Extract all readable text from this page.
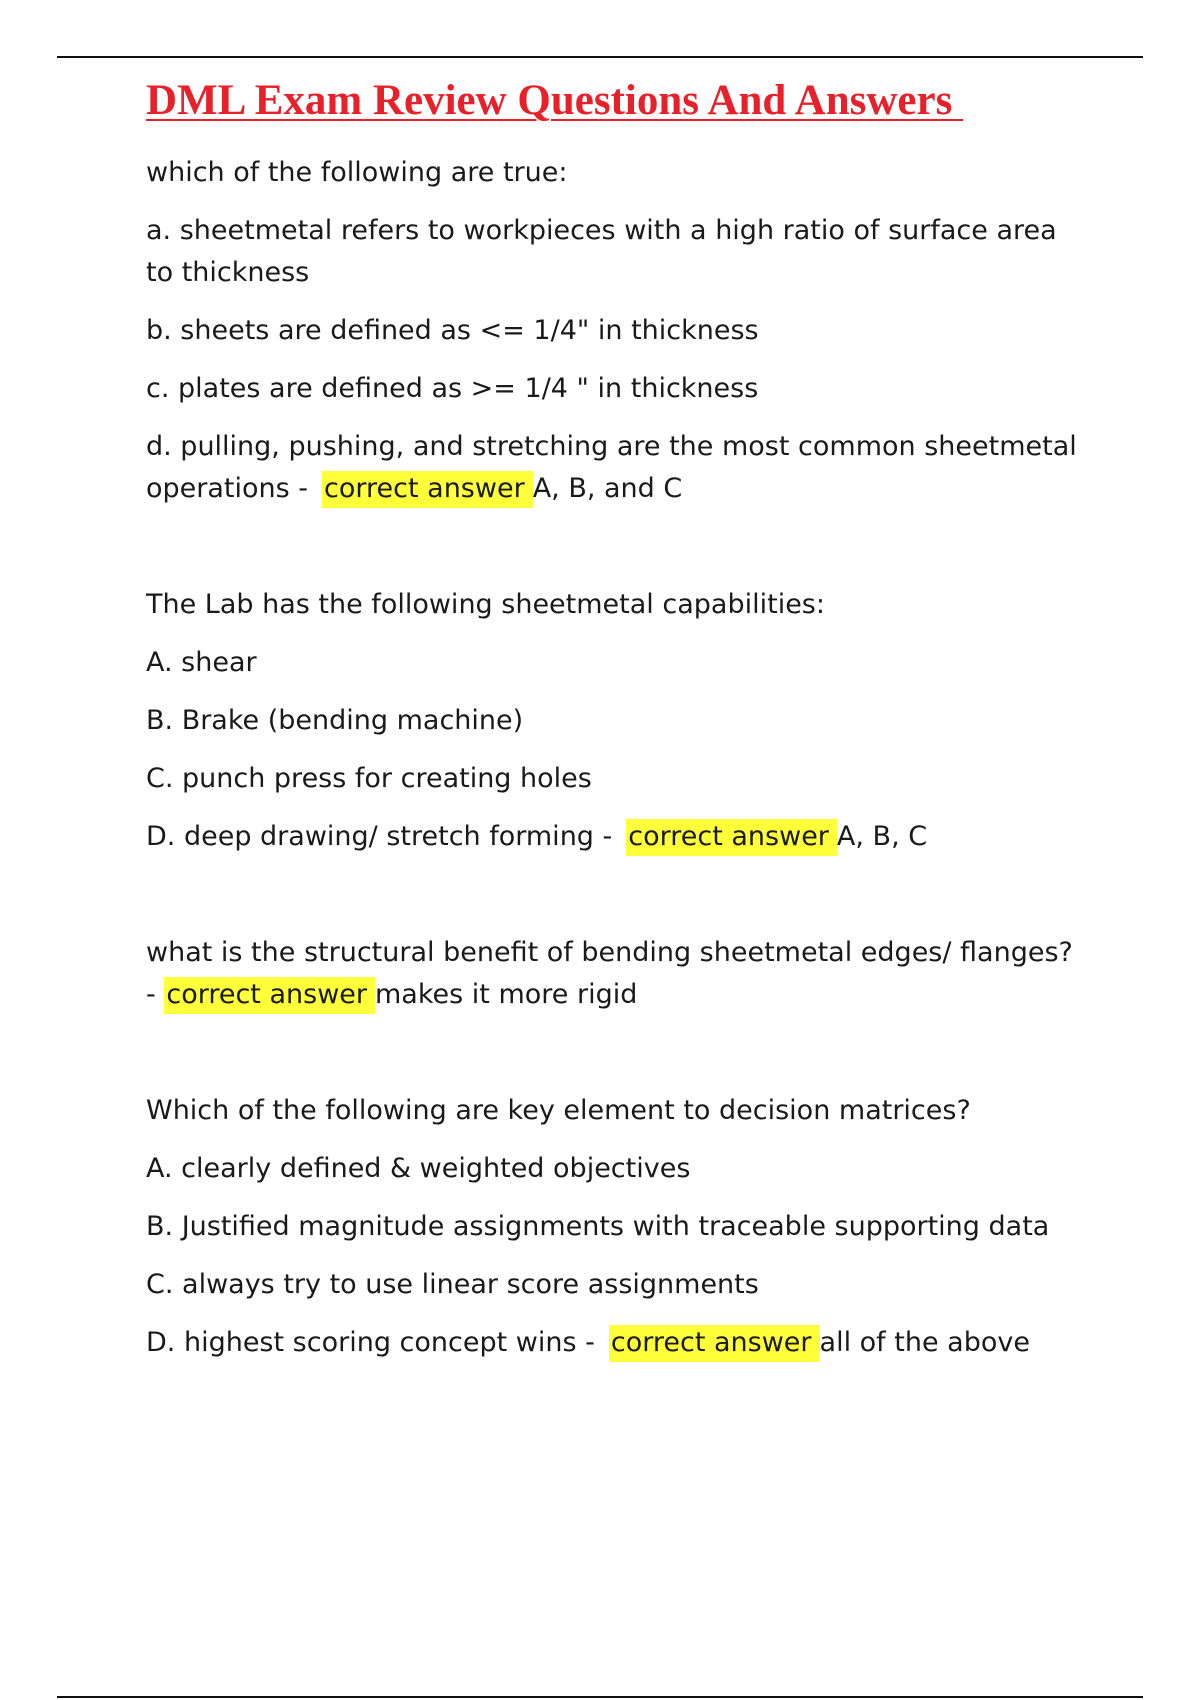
DML Exam Review Questions And Answers

which of the following are true:

a. sheetmetal refers to workpieces with a high ratio of surface area to thickness

b. sheets are defined as <= 1/4" in thickness

c. plates are defined as >= 1/4 " in thickness

d. pulling, pushing, and stretching are the most common sheetmetal operations - correct answer A, B, and C

The Lab has the following sheetmetal capabilities:

A. shear

B. Brake (bending machine)

C. punch press for creating holes

D. deep drawing/ stretch forming - correct answer A, B, C

what is the structural benefit of bending sheetmetal edges/ flanges? - correct answer makes it more rigid

Which of the following are key element to decision matrices?

A. clearly defined & weighted objectives

B. Justified magnitude assignments with traceable supporting data

C. always try to use linear score assignments

D. highest scoring concept wins - correct answer all of the above
